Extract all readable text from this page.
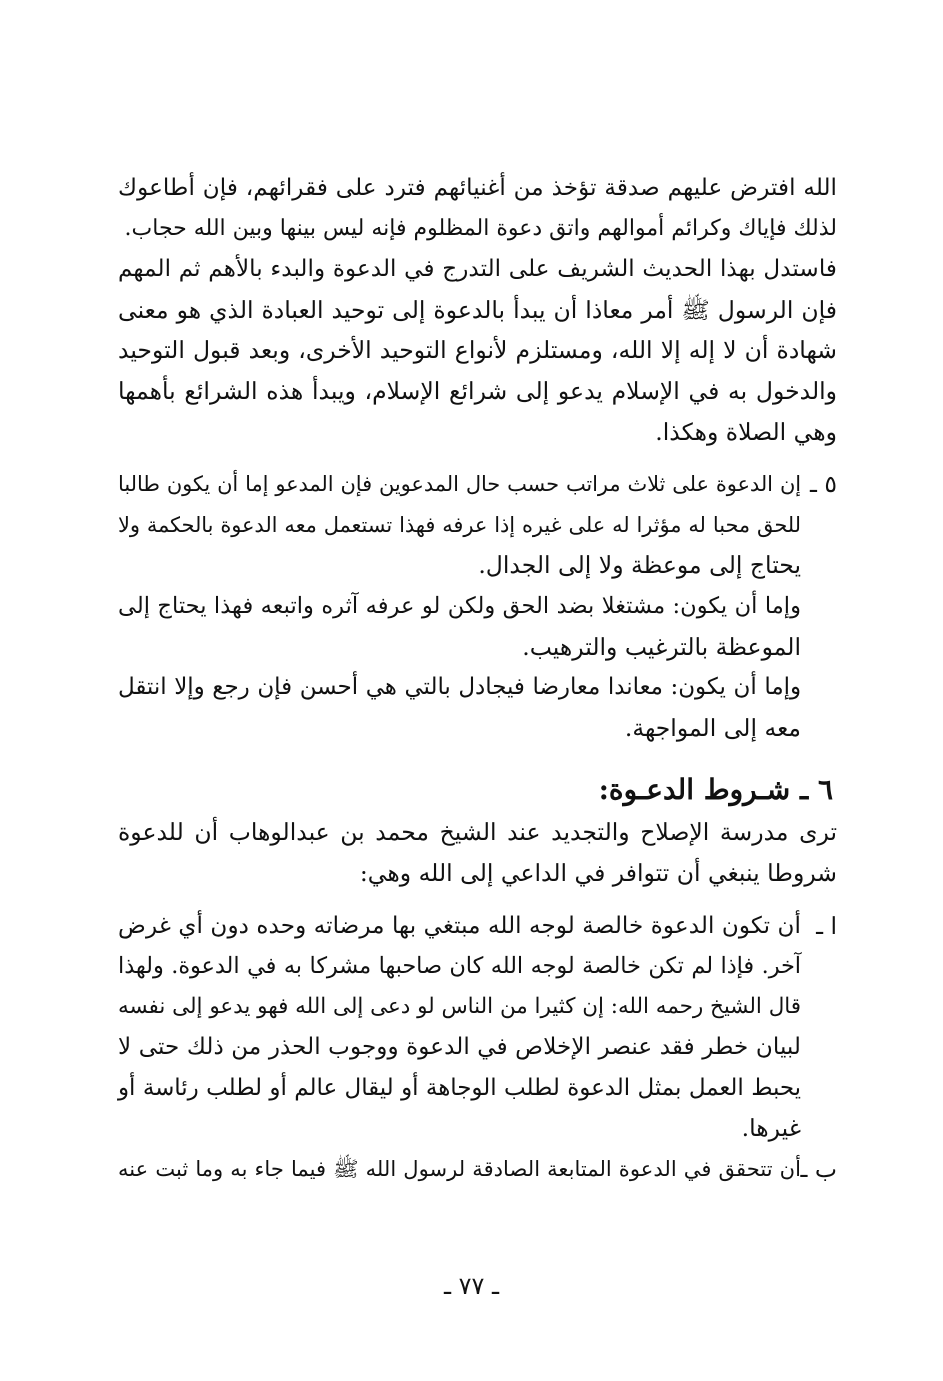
الله افترض عليهم صدقة تؤخذ من أغنيائهم فترد على فقرائهم، فإن أطاعوك
لذلك فإياك وكرائم أموالهم واتق دعوة المظلوم فإنه ليس بينها وبين الله حجاب.
فاستدل بهذا الحديث الشريف على التدرج في الدعوة والبدء بالأهم ثم المهم
فإن الرسول ﷺ أمر معاذا أن يبدأ بالدعوة إلى توحيد العبادة الذي هو معنى
شهادة أن لا إله إلا الله، ومستلزم لأنواع التوحيد الأخرى، وبعد قبول التوحيد
والدخول به في الإسلام يدعو إلى شرائع الإسلام، ويبدأ هذه الشرائع بأهمها
وهي الصلاة وهكذا.
٥ ـ
إن الدعوة على ثلاث مراتب حسب حال المدعوين فإن المدعو إما أن يكون طالبا
للحق محبا له مؤثرا له على غيره إذا عرفه فهذا تستعمل معه الدعوة بالحكمة ولا
يحتاج إلى موعظة ولا إلى الجدال.
وإما أن يكون: مشتغلا بضد الحق ولكن لو عرفه آثره واتبعه فهذا يحتاج إلى
الموعظة بالترغيب والترهيب.
وإما أن يكون: معاندا معارضا فيجادل بالتي هي أحسن فإن رجع وإلا انتقل
معه إلى المواجهة.
٦ ـ شـروط الدعـوة:
ترى مدرسة الإصلاح والتجديد عند الشيخ محمد بن عبدالوهاب أن للدعوة
شروطا ينبغي أن تتوافر في الداعي إلى الله وهي:
ا ـ
أن تكون الدعوة خالصة لوجه الله مبتغي بها مرضاته وحده دون أي غرض
آخر. فإذا لم تكن خالصة لوجه الله كان صاحبها مشركا به في الدعوة. ولهذا
قال الشيخ رحمه الله: إن كثيرا من الناس لو دعى إلى الله فهو يدعو إلى نفسه
لبيان خطر فقد عنصر الإخلاص في الدعوة ووجوب الحذر من ذلك حتى لا
يحبط العمل بمثل الدعوة لطلب الوجاهة أو ليقال عالم أو لطلب رئاسة أو
غيرها.
ب ـ
أن تتحقق في الدعوة المتابعة الصادقة لرسول الله ﷺ فيما جاء به وما ثبت عنه
ـ ٧٧ ـ
